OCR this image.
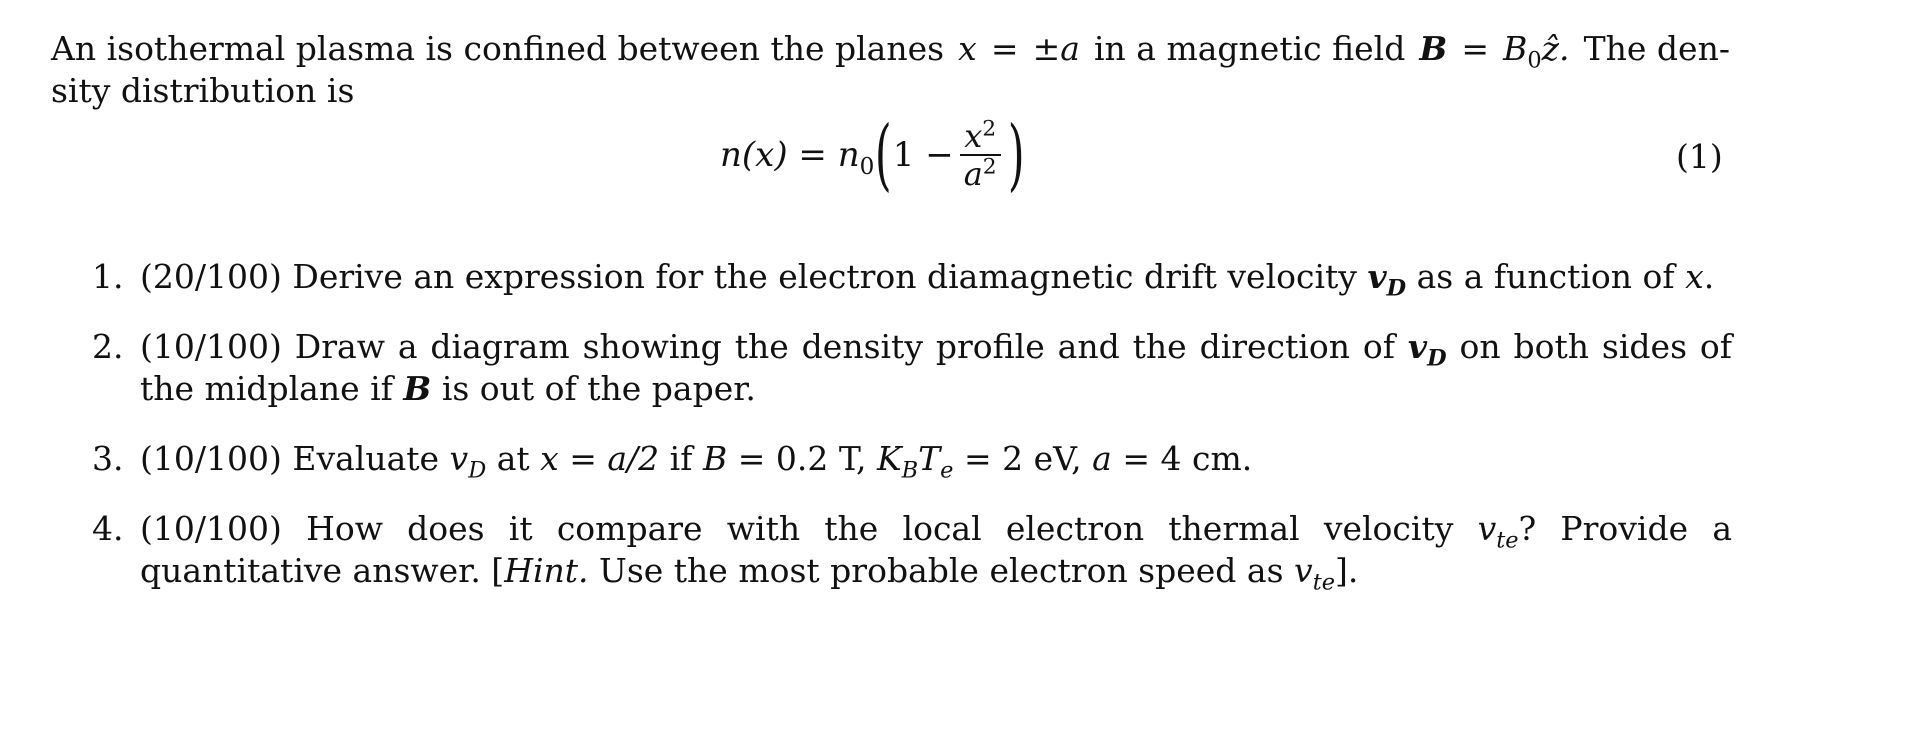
An isothermal plasma is confined between the planes x = ±a in a magnetic field $B = B_0ẑ$. The den-
sity distribution is
$n(x) = n_0$ ( $1 - \frac{x^2}{a^2}$ )	(1)
1. (20/100) Derive an expression for the electron diamagnetic drift velocity $v_D$ as a function of x.
2. (10/100) Draw a diagram showing the density profile and the direction of $v_D$ on both sides of the midplane if B is out of the paper.
3. (10/100) Evaluate $v_D$ at x = a/2 if B = 0.2 T, $K_BT_e = 2$ eV, a = 4 cm.
4. (10/100) How does it compare with the local electron thermal velocity $v_{te}$? Provide a quantitative answer. [Hint. Use the most probable electron speed as $v_{te}$].
